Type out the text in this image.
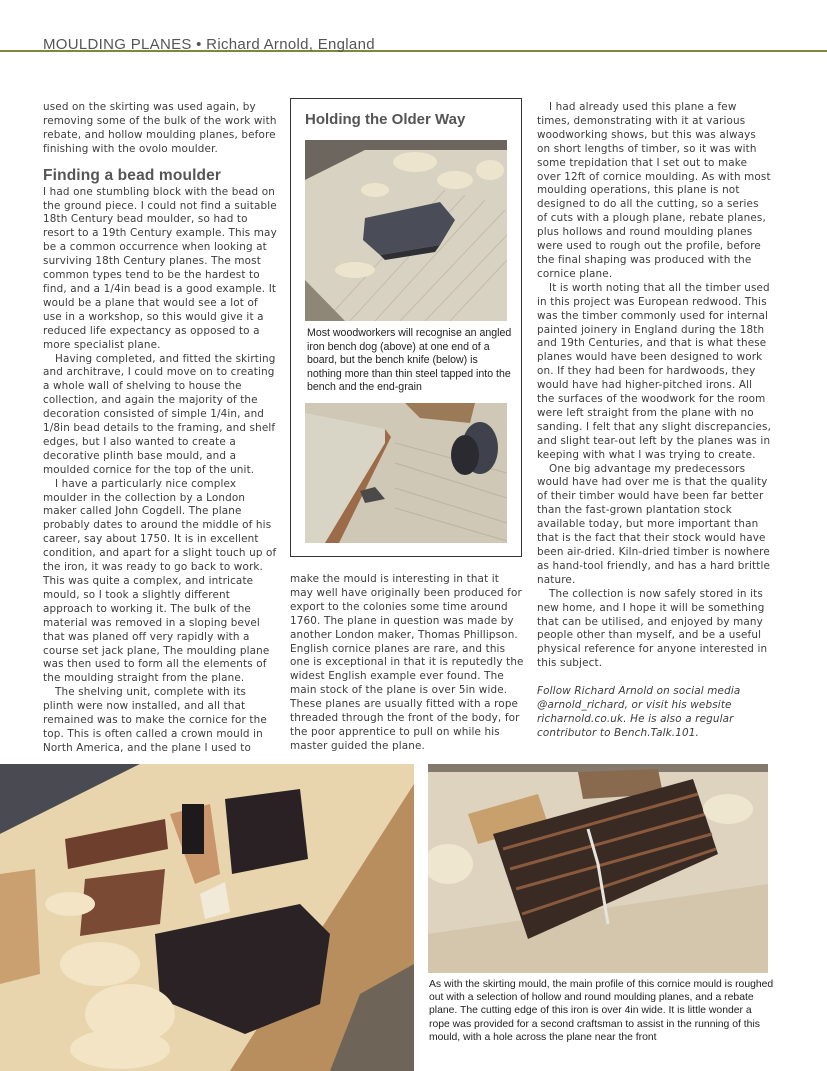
MOULDING PLANES • Richard Arnold, England

used on the skirting was used again, by removing some of the bulk of the work with rebate, and hollow moulding planes, before finishing with the ovolo moulder.

Finding a bead moulder

I had one stumbling block with the bead on the ground piece. I could not find a suitable 18th Century bead moulder, so had to resort to a 19th Century example. This may be a common occurrence when looking at surviving 18th Century planes. The most common types tend to be the hardest to find, and a 1/4in bead is a good example. It would be a plane that would see a lot of use in a workshop, so this would give it a reduced life expectancy as opposed to a more specialist plane.

Having completed, and fitted the skirting and architrave, I could move on to creating a whole wall of shelving to house the collection, and again the majority of the decoration consisted of simple 1/4in, and 1/8in bead details to the framing, and shelf edges, but I also wanted to create a decorative plinth base mould, and a moulded cornice for the top of the unit.

I have a particularly nice complex moulder in the collection by a London maker called John Cogdell. The plane probably dates to around the middle of his career, say about 1750. It is in excellent condition, and apart for a slight touch up of the iron, it was ready to go back to work. This was quite a complex, and intricate mould, so I took a slightly different approach to working it. The bulk of the material was removed in a sloping bevel that was planed off very rapidly with a course set jack plane, The moulding plane was then used to form all the elements of the moulding straight from the plane.

The shelving unit, complete with its plinth were now installed, and all that remained was to make the cornice for the top. This is often called a crown mould in North America, and the plane I used to

Holding the Older Way
Most woodworkers will recognise an angled iron bench dog (above) at one end of a board, but the bench knife (below) is nothing more than thin steel tapped into the bench and the end-grain

make the mould is interesting in that it may well have originally been produced for export to the colonies some time around 1760. The plane in question was made by another London maker, Thomas Phillipson. English cornice planes are rare, and this one is exceptional in that it is reputedly the widest English example ever found. The main stock of the plane is over 5in wide. These planes are usually fitted with a rope threaded through the front of the body, for the poor apprentice to pull on while his master guided the plane.

I had already used this plane a few times, demonstrating with it at various woodworking shows, but this was always on short lengths of timber, so it was with some trepidation that I set out to make over 12ft of cornice moulding. As with most moulding operations, this plane is not designed to do all the cutting, so a series of cuts with a plough plane, rebate planes, plus hollows and round moulding planes were used to rough out the profile, before the final shaping was produced with the cornice plane.

It is worth noting that all the timber used in this project was European redwood. This was the timber commonly used for internal painted joinery in England during the 18th and 19th Centuries, and that is what these planes would have been designed to work on. If they had been for hardwoods, they would have had higher-pitched irons. All the surfaces of the woodwork for the room were left straight from the plane with no sanding. I felt that any slight discrepancies, and slight tear-out left by the planes was in keeping with what I was trying to create.

One big advantage my predecessors would have had over me is that the quality of their timber would have been far better than the fast-grown plantation stock available today, but more important than that is the fact that their stock would have been air-dried. Kiln-dried timber is nowhere as hand-tool friendly, and has a hard brittle nature.

The collection is now safely stored in its new home, and I hope it will be something that can be utilised, and enjoyed by many people other than myself, and be a useful physical reference for anyone interested in this subject.

Follow Richard Arnold on social media @arnold_richard, or visit his website richarnold.co.uk. He is also a regular contributor to Bench.Talk.101.

As with the skirting mould, the main profile of this cornice mould is roughed out with a selection of hollow and round moulding planes, and a rebate plane. The cutting edge of this iron is over 4in wide. It is little wonder a rope was provided for a second craftsman to assist in the running of this mould, with a hole across the plane near the front
